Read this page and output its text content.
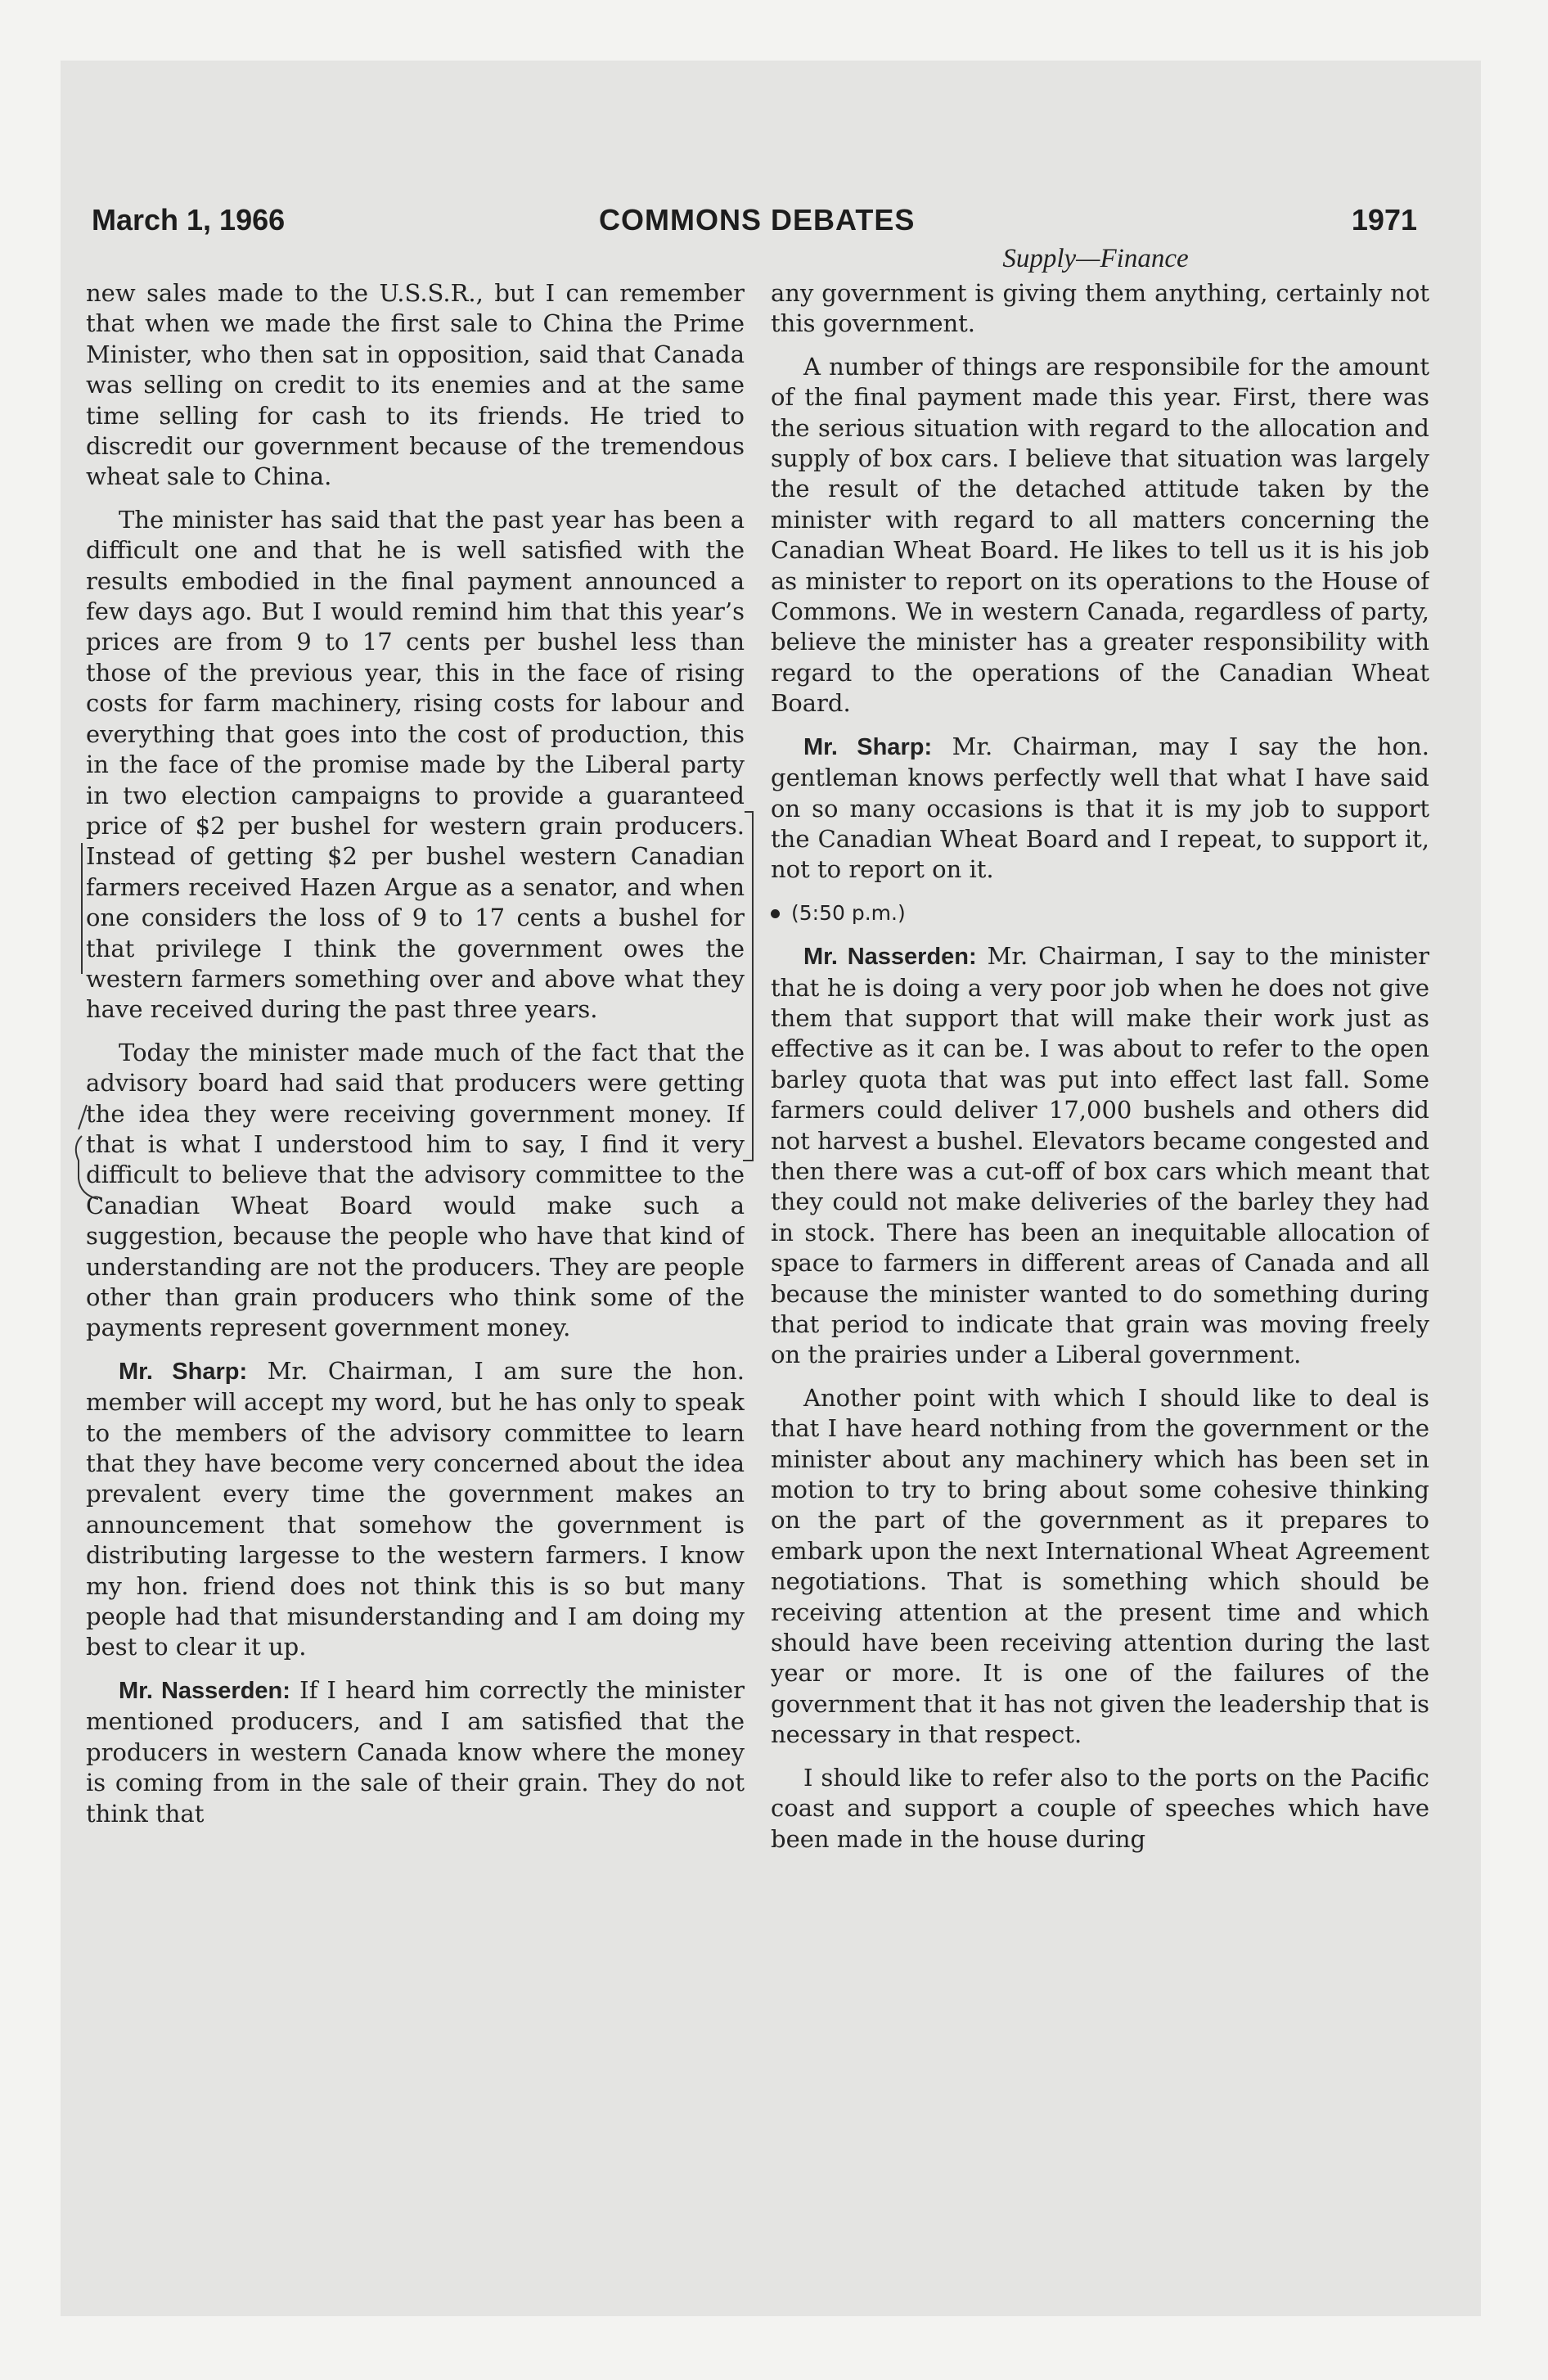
March 1, 1966	COMMONS DEBATES	1971
Supply—Finance

new sales made to the U.S.S.R., but I can remember that when we made the first sale to China the Prime Minister, who then sat in opposition, said that Canada was selling on credit to its enemies and at the same time selling for cash to its friends. He tried to discredit our government because of the tremendous wheat sale to China.

The minister has said that the past year has been a difficult one and that he is well satisfied with the results embodied in the final payment announced a few days ago. But I would remind him that this year’s prices are from 9 to 17 cents per bushel less than those of the previous year, this in the face of rising costs for farm machinery, rising costs for labour and everything that goes into the cost of production, this in the face of the promise made by the Liberal party in two election campaigns to provide a guaranteed price of $2 per bushel for western grain producers. Instead of getting $2 per bushel western Canadian farmers received Hazen Argue as a senator, and when one considers the loss of 9 to 17 cents a bushel for that privilege I think the government owes the western farmers something over and above what they have received during the past three years.

Today the minister made much of the fact that the advisory board had said that producers were getting the idea they were receiving government money. If that is what I understood him to say, I find it very difficult to believe that the advisory committee to the Canadian Wheat Board would make such a suggestion, because the people who have that kind of understanding are not the producers. They are people other than grain producers who think some of the payments represent government money.

Mr. Sharp: Mr. Chairman, I am sure the hon. member will accept my word, but he has only to speak to the members of the advisory committee to learn that they have become very concerned about the idea prevalent every time the government makes an announcement that somehow the government is distributing largesse to the western farmers. I know my hon. friend does not think this is so but many people had that misunderstanding and I am doing my best to clear it up.

Mr. Nasserden: If I heard him correctly the minister mentioned producers, and I am satisfied that the producers in western Canada know where the money is coming from in the sale of their grain. They do not think that

any government is giving them anything, certainly not this government.

A number of things are responsibile for the amount of the final payment made this year. First, there was the serious situation with regard to the allocation and supply of box cars. I believe that situation was largely the result of the detached attitude taken by the minister with regard to all matters concerning the Canadian Wheat Board. He likes to tell us it is his job as minister to report on its operations to the House of Commons. We in western Canada, regardless of party, believe the minister has a greater responsibility with regard to the operations of the Canadian Wheat Board.

Mr. Sharp: Mr. Chairman, may I say the hon. gentleman knows perfectly well that what I have said on so many occasions is that it is my job to support the Canadian Wheat Board and I repeat, to support it, not to report on it.

(5:50 p.m.)

Mr. Nasserden: Mr. Chairman, I say to the minister that he is doing a very poor job when he does not give them that support that will make their work just as effective as it can be. I was about to refer to the open barley quota that was put into effect last fall. Some farmers could deliver 17,000 bushels and others did not harvest a bushel. Elevators became congested and then there was a cut-off of box cars which meant that they could not make deliveries of the barley they had in stock. There has been an inequitable allocation of space to farmers in different areas of Canada and all because the minister wanted to do something during that period to indicate that grain was moving freely on the prairies under a Liberal government.

Another point with which I should like to deal is that I have heard nothing from the government or the minister about any machinery which has been set in motion to try to bring about some cohesive thinking on the part of the government as it prepares to embark upon the next International Wheat Agreement negotiations. That is something which should be receiving attention at the present time and which should have been receiving attention during the last year or more. It is one of the failures of the government that it has not given the leadership that is necessary in that respect.

I should like to refer also to the ports on the Pacific coast and support a couple of speeches which have been made in the house during
